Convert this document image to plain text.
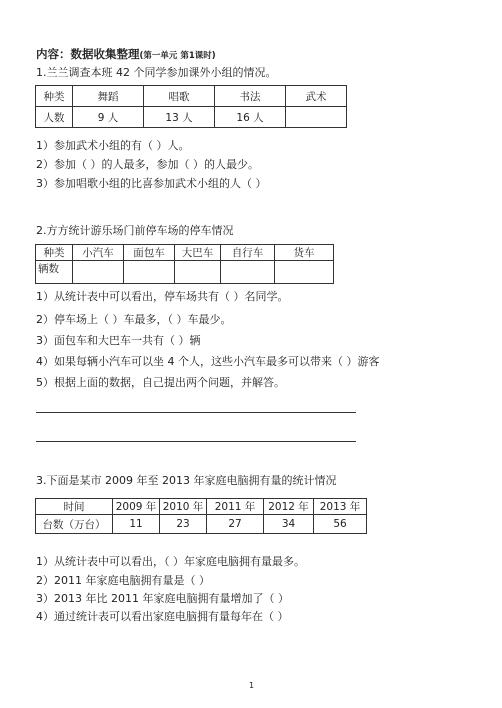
内容：数据收集整理(第一单元 第1课时)
1.兰兰调查本班 42 个同学参加课外小组的情况。
种类	舞蹈	唱歌	书法	武术
人数	9 人	13 人	16 人	
1）参加武术小组的有（ ）人。
2）参加（ ）的人最多，参加（ ）的人最少。
3）参加唱歌小组的比喜参加武术小组的人（ ）
2.方方统计游乐场门前停车场的停车情况
种类	小汽车	面包车	大巴车	自行车	货车
辆数					
1）从统计表中可以看出，停车场共有（ ）名同学。
2）停车场上（ ）车最多，（ ）车最少。
3）面包车和大巴车一共有（ ）辆
4）如果每辆小汽车可以坐 4 个人，这些小汽车最多可以带来（ ）游客
5）根据上面的数据，自己提出两个问题，并解答。
3.下面是某市 2009 年至 2013 年家庭电脑拥有量的统计情况
时间	2009 年	2010 年	2011 年	2012 年	2013 年
台数（万台）	11	23	27	34	56
1）从统计表中可以看出，（ ）年家庭电脑拥有量最多。
2）2011 年家庭电脑拥有量是（ ）
3）2013 年比 2011 年家庭电脑拥有量增加了（ ）
4）通过统计表可以看出家庭电脑拥有量每年在（ ）
1
